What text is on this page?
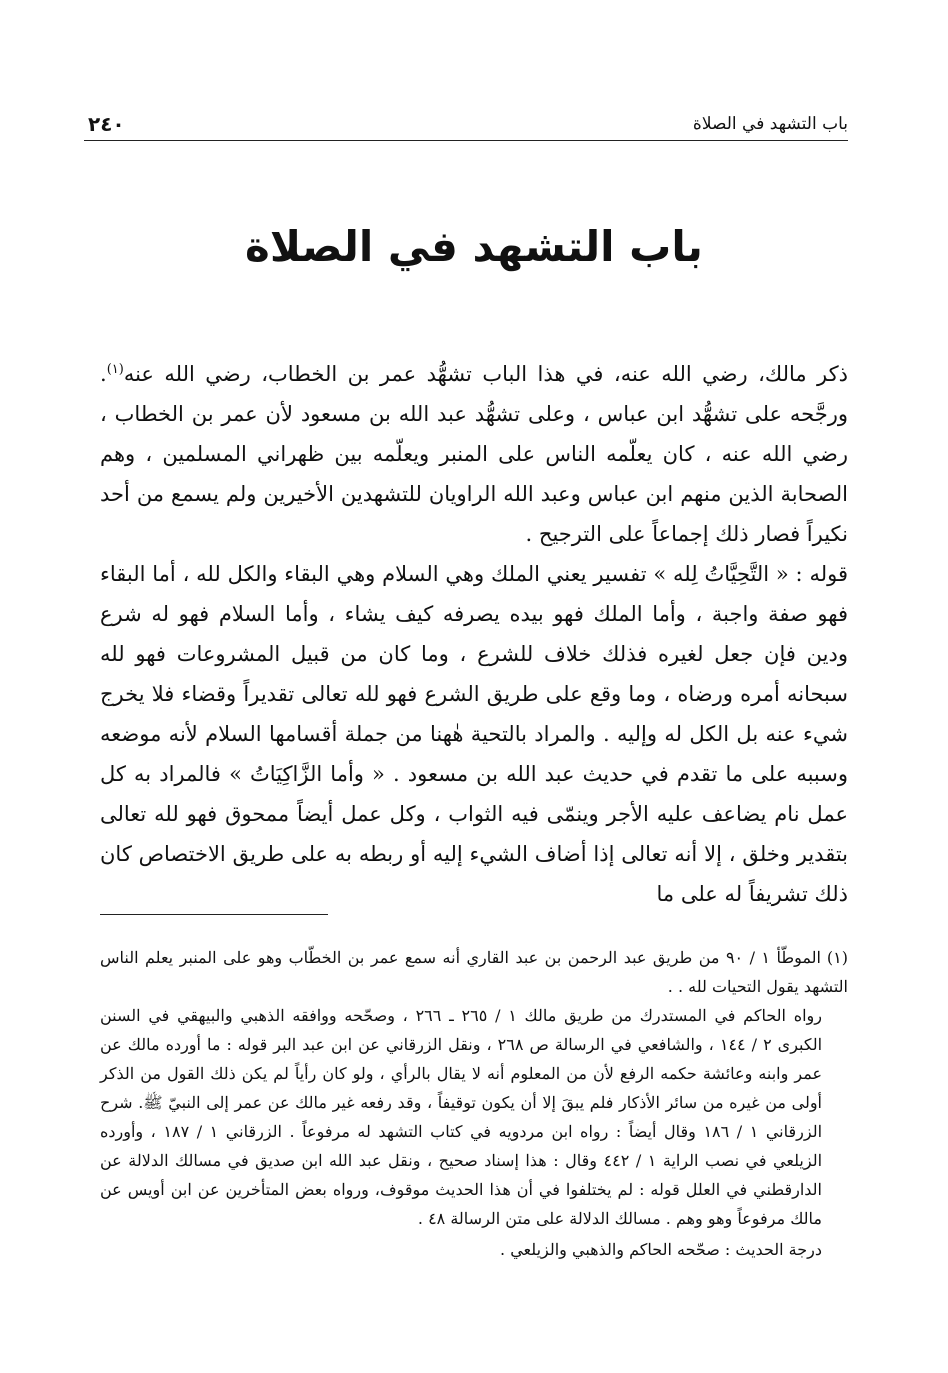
باب التشهد في الصلاة
٢٤٠
باب التشهد في الصلاة

ذكر مالك، رضي الله عنه، في هذا الباب تشهُّد عمر بن الخطاب، رضي الله عنه$^{(١)}$. ورجَّحه على تشهُّد ابن عباس ، وعلى تشهُّد عبد الله بن مسعود لأن عمر بن الخطاب ، رضي الله عنه ، كان يعلّمه الناس على المنبر ويعلّمه بين ظهراني المسلمين ، وهم الصحابة الذين منهم ابن عباس وعبد الله الراويان للتشهدين الأخيرين ولم يسمع من أحد نكيراً فصار ذلك إجماعاً على الترجيح .

قوله : « التَّحِيَّاتُ لِله » تفسير يعني الملك وهي السلام وهي البقاء والكل لله ، أما البقاء فهو صفة واجبة ، وأما الملك فهو بيده يصرفه كيف يشاء ، وأما السلام فهو له شرع ودين فإن جعل لغيره فذلك خلاف للشرع ، وما كان من قبيل المشروعات فهو لله سبحانه أمره ورضاه ، وما وقع على طريق الشرع فهو لله تعالى تقديراً وقضاء فلا يخرج شيء عنه بل الكل له وإليه . والمراد بالتحية هٰهنا من جملة أقسامها السلام لأنه موضعه وسببه على ما تقدم في حديث عبد الله بن مسعود . « وأما الزَّاكِيَاتُ » فالمراد به كل عمل نام يضاعف عليه الأجر وينمّى فيه الثواب ، وكل عمل أيضاً ممحوق فهو لله تعالى بتقدير وخلق ، إلا أنه تعالى إذا أضاف الشيء إليه أو ربطه به على طريق الاختصاص كان ذلك تشريفاً له على ما

(١)الموطّأ ١ / ٩٠ من طريق عبد الرحمن بن عبد القاري أنه سمع عمر بن الخطّاب وهو على المنبر يعلم الناس التشهد يقول التحيات لله . .

رواه الحاكم في المستدرك من طريق مالك ١ / ٢٦٥ ـ ٢٦٦ ، وصحّحه ووافقه الذهبي والبيهقي في السنن الكبرى ٢ / ١٤٤ ، والشافعي في الرسالة ص ٢٦٨ ، ونقل الزرقاني عن ابن عبد البر قوله : ما أورده مالك عن عمر وابنه وعائشة حكمه الرفع لأن من المعلوم أنه لا يقال بالرأي ، ولو كان رأياً لم يكن ذلك القول من الذكر أولى من غيره من سائر الأذكار فلم يبقَ إلا أن يكون توقيفاً ، وقد رفعه غير مالك عن عمر إلى النبيّ ﷺ. شرح الزرقاني ١ / ١٨٦ وقال أيضاً : رواه ابن مردويه في كتاب التشهد له مرفوعاً . الزرقاني ١ / ١٨٧ ، وأورده الزيلعي في نصب الراية ١ / ٤٤٢ وقال : هذا إسناد صحيح ، ونقل عبد الله ابن صديق في مسالك الدلالة عن الدارقطني في العلل قوله : لم يختلفوا في أن هذا الحديث موقوف، ورواه بعض المتأخرين عن ابن أويس عن مالك مرفوعاً وهو وهم . مسالك الدلالة على متن الرسالة ٤٨ .

درجة الحديث : صحّحه الحاكم والذهبي والزيلعي .
